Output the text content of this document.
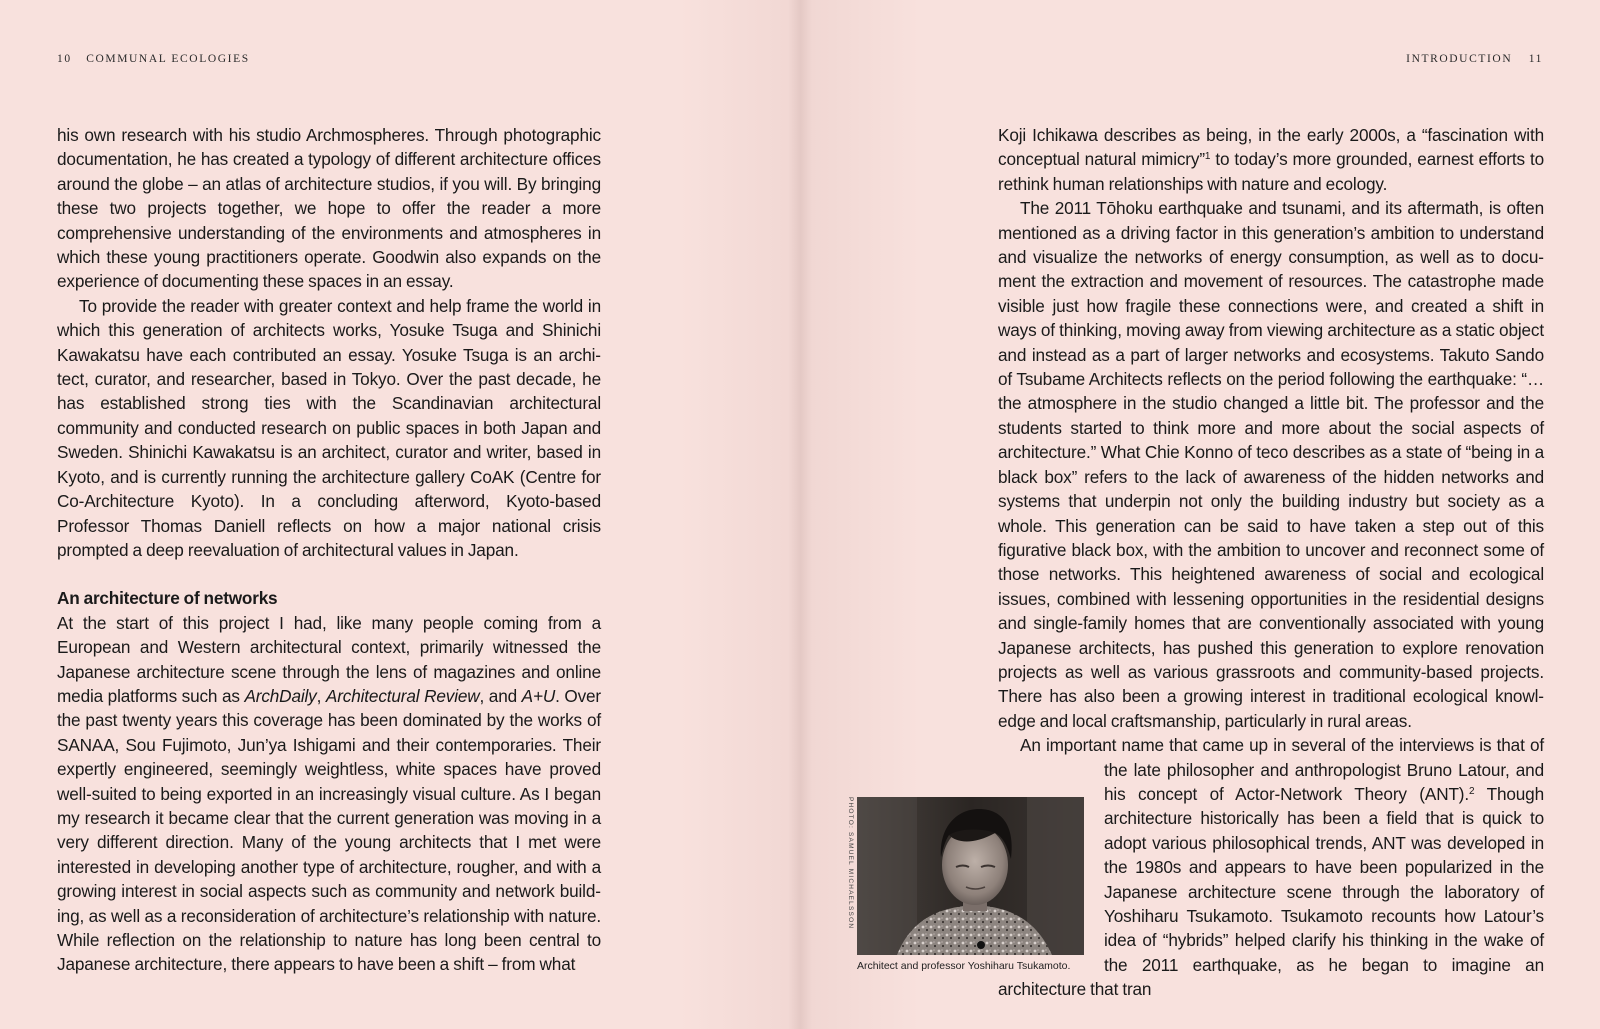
10 COMMUNAL ECOLOGIES

his own research with his studio Archmospheres. Through photographic documentation, he has created a typology of different architecture offices around the globe – an atlas of architecture studios, if you will. By bringing these two projects together, we hope to offer the reader a more comprehensive understanding of the environments and atmospheres in which these young practitioners operate. Goodwin also expands on the experience of documenting these spaces in an essay.

To provide the reader with greater context and help frame the world in which this generation of architects works, Yosuke Tsuga and Shinichi Kawakatsu have each contributed an essay. Yosuke Tsuga is an architect, curator, and researcher, based in Tokyo. Over the past decade, he has established strong ties with the Scandinavian architectural community and conducted research on public spaces in both Japan and Sweden. Shinichi Kawakatsu is an architect, curator and writer, based in Kyoto, and is currently running the architecture gallery CoAK (Centre for Co-Architecture Kyoto). In a concluding afterword, Kyoto-based Professor Thomas Daniell reflects on how a major national crisis prompted a deep reevaluation of architectural values in Japan.

An architecture of networks

At the start of this project I had, like many people coming from a European and Western architectural context, primarily witnessed the Japanese architecture scene through the lens of magazines and online media platforms such as ArchDaily, Architectural Review, and A+U. Over the past twenty years this coverage has been dominated by the works of SANAA, Sou Fujimoto, Jun’ya Ishigami and their contemporaries. Their expertly engineered, seemingly weightless, white spaces have proved well-suited to being exported in an increasingly visual culture. As I began my research it became clear that the current generation was moving in a very different direction. Many of the young architects that I met were interested in developing another type of architecture, rougher, and with a growing interest in social aspects such as community and network building, as well as a reconsideration of architecture’s relationship with nature. While reflection on the relationship to nature has long been central to Japanese architecture, there appears to have been a shift – from what

INTRODUCTION 11

Koji Ichikawa describes as being, in the early 2000s, a “fascination with conceptual natural mimicry”$^1$ to today’s more grounded, earnest efforts to rethink human relationships with nature and ecology.

The 2011 Tōhoku earthquake and tsunami, and its aftermath, is often mentioned as a driving factor in this generation’s ambition to understand and visualize the networks of energy consumption, as well as to document the extraction and movement of resources. The catastrophe made visible just how fragile these connections were, and created a shift in ways of thinking, moving away from viewing architecture as a static object and instead as a part of larger networks and ecosystems. Takuto Sando of Tsubame Architects reflects on the period following the earthquake: “…the atmosphere in the studio changed a little bit. The professor and the students started to think more and more about the social aspects of architecture.” What Chie Konno of teco describes as a state of “being in a black box” refers to the lack of awareness of the hidden networks and systems that underpin not only the building industry but society as a whole. This generation can be said to have taken a step out of this figurative black box, with the ambition to uncover and reconnect some of those networks. This heightened awareness of social and ecological issues, combined with lessening opportunities in the residential designs and single-family homes that are conventionally associated with young Japanese architects, has pushed this generation to explore renovation projects as well as various grassroots and community-based projects. There has also been a growing interest in traditional ecological knowledge and local craftsmanship, particularly in rural areas.

An important name that came up in several of the interviews is that of the late philosopher and anthropologist Bruno Latour, and his concept of Actor-Network Theory (ANT).$^2$ Though architecture historically has been a field that is quick to adopt various philosophical trends, ANT was developed in the 1980s and appears to have been popularized in the Japanese architecture scene through the laboratory of Yoshiharu Tsukamoto. Tsukamoto recounts how Latour’s idea of “hybrids” helped clarify his thinking in the wake of the 2011 earthquake, as he began to imagine an architecture that tran

PHOTO: SAMUEL MICHAELSSON
Architect and professor Yoshiharu Tsukamoto.
